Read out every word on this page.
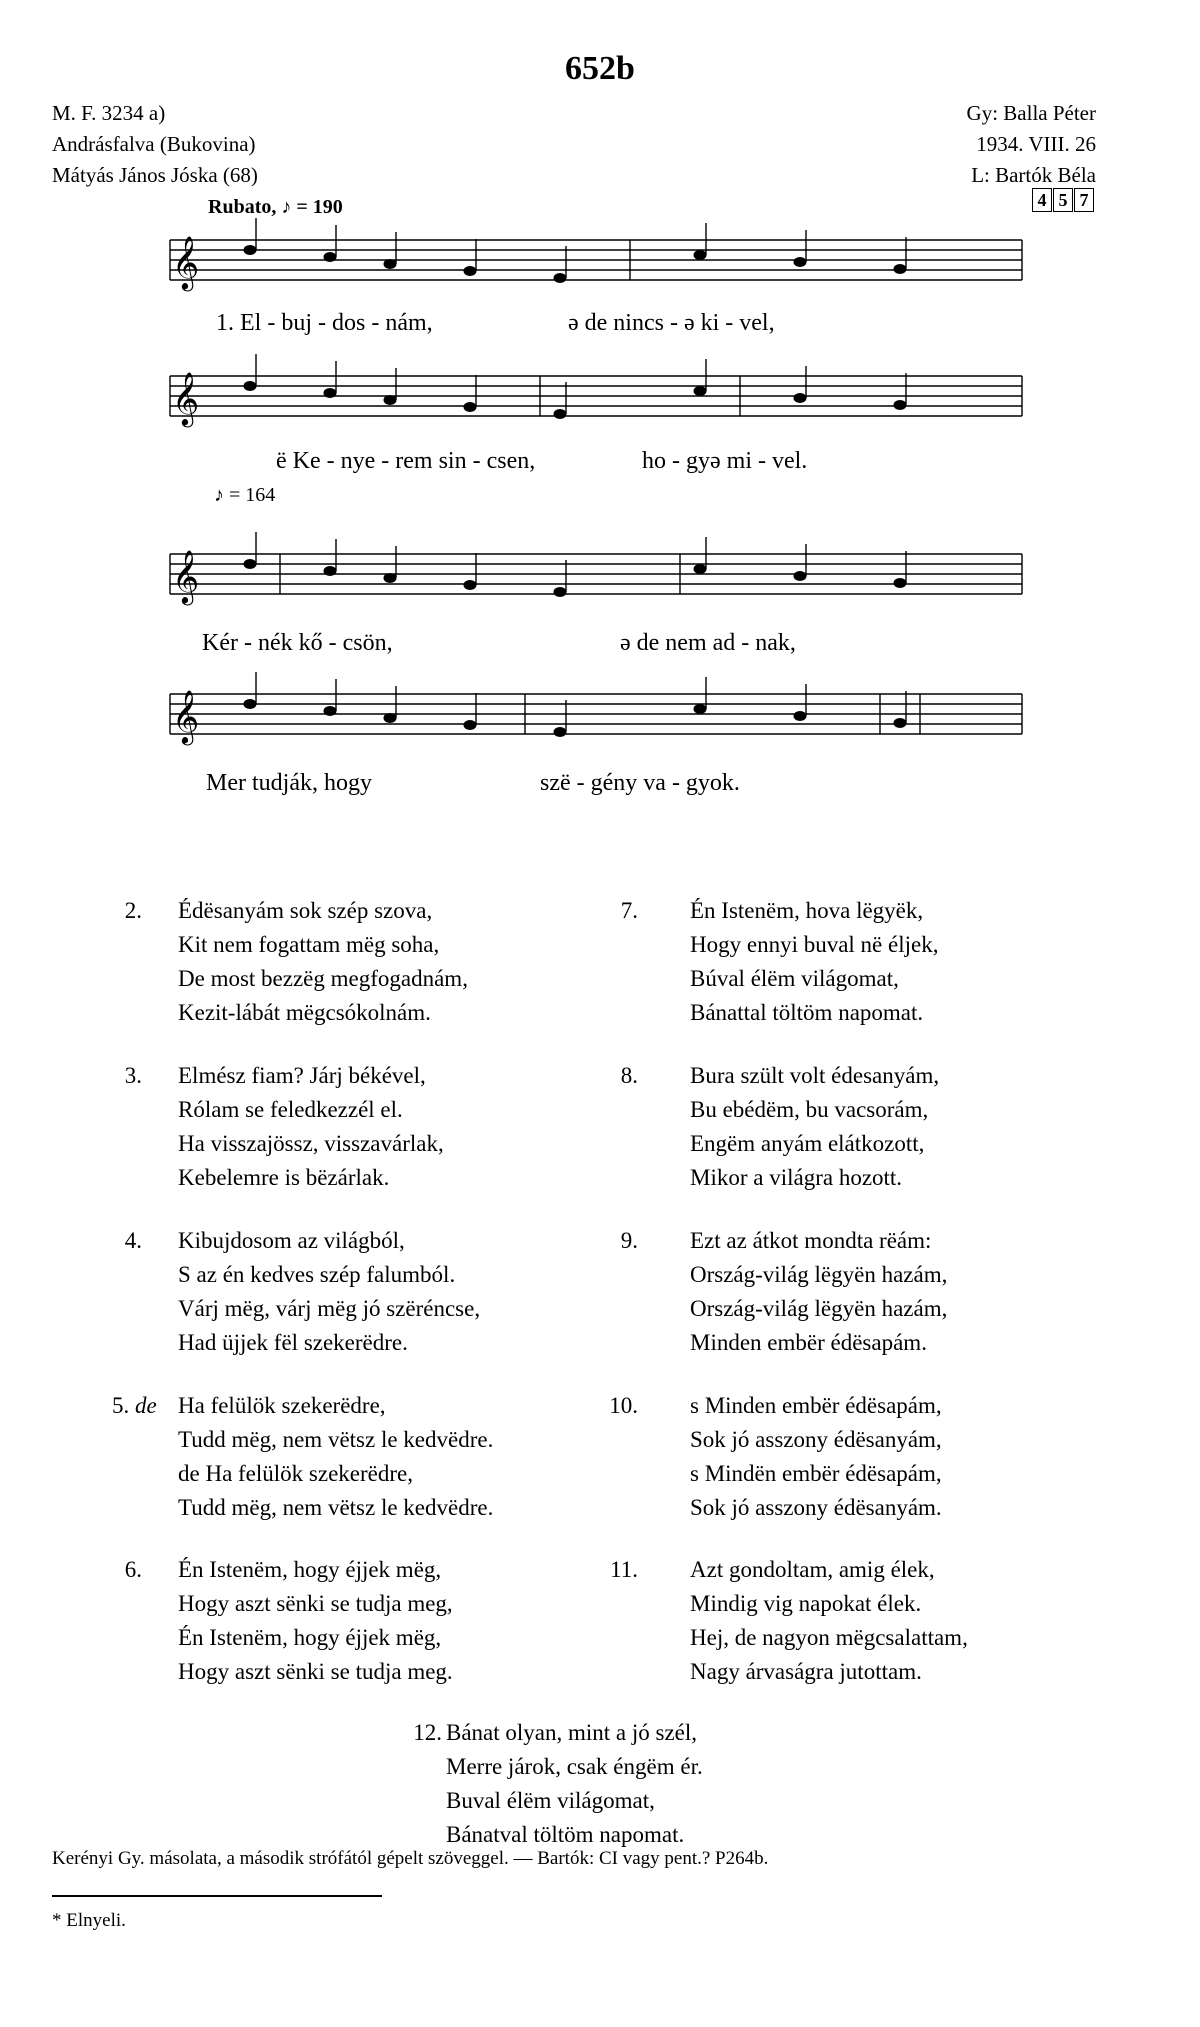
652b
M. F. 3234 a)
Andrásfalva (Bukovina)
Mátyás János Jóska (68)
Gy: Balla Péter
1934. VIII. 26
L: Bartók Béla
Rubato, ♪ = 190
♪ = 164
4 5 7
𝄞
𝄞
𝄞
𝄞
1. El - buj - dos - nám,	ə de nincs - ə ki - vel,
ë Ke - nye - rem sin - csen,	ho - gyə mi - vel.
Kér - nék kő - csön,	ə de nem ad - nak,
Mer tudják, hogy	szë - gény va - gyok.
2. Édësanyám sok szép szova,
Kit nem fogattam mëg soha,
De most bezzëg megfogadnám,
Kezit-lábát mëgcsókolnám.
3. Elmész fiam? Járj békével,
Rólam se feledkezzél el.
Ha visszajössz, visszavárlak,
Kebelemre is bëzárlak.
4. Kibujdosom az világból,
S az én kedves szép falumból.
Várj mëg, várj mëg jó szëréncse,
Had üjjek fël szekerëdre.
5. de Ha felülök szekerëdre,
Tudd mëg, nem vëtsz le kedvëdre.
de Ha felülök szekerëdre,
Tudd mëg, nem vëtsz le kedvëdre.
6. Én Istenëm, hogy éjjek mëg,
Hogy aszt sënki se tudja meg,
Én Istenëm, hogy éjjek mëg,
Hogy aszt sënki se tudja meg.
7. Én Istenëm, hova lëgyëk,
Hogy ennyi buval në éljek,
Búval élëm világomat,
Bánattal töltöm napomat.
8. Bura szült volt édesanyám,
Bu ebédëm, bu vacsorám,
Engëm anyám elátkozott,
Mikor a világra hozott.
9. Ezt az átkot mondta rëám:
Ország-világ lëgyën hazám,
Ország-világ lëgyën hazám,
Minden embër édësapám.
10. s Minden embër édësapám,
Sok jó asszony édësanyám,
s Mindën embër édësapám,
Sok jó asszony édësanyám.
11. Azt gondoltam, amig élek,
Mindig vig napokat élek.
Hej, de nagyon mëgcsalattam,
Nagy árvaságra jutottam.
12. Bánat olyan, mint a jó szél,
Merre járok, csak éngëm ér.
Buval élëm világomat,
Bánatval töltöm napomat.
Kerényi Gy. másolata, a második strófától gépelt szöveggel. — Bartók: CI vagy pent.? P264b.
* Elnyeli.
